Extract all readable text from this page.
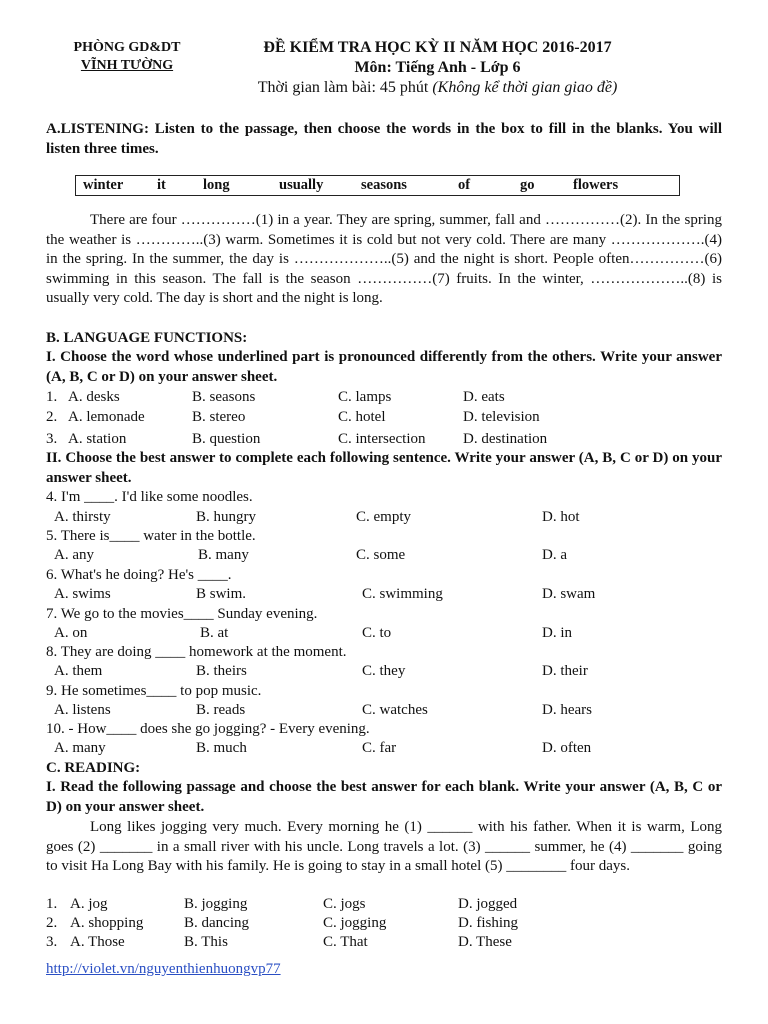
PHÒNG GD&DT
VĨNH TƯỜNG
ĐỀ KIỂM TRA HỌC KỲ II NĂM HỌC 2016-2017
Môn: Tiếng Anh - Lớp 6
Thời gian làm bài: 45 phút (Không kể thời gian giao đề)
A.LISTENING: Listen to the passage, then choose the words in the box to fill in the blanks. You will listen three times.
winter it	long	usually	seasons	of	go	flowers
There are four ……………(1) in a year. They are spring, summer, fall and ……………(2). In the spring the weather is …………..(3) warm. Sometimes it is cold but not very cold. There are many ……………….(4) in the spring. In the summer, the day is ………………..(5) and the night is short. People often……………(6) swimming in this season. The fall is the season ……………(7) fruits. In the winter, ………………..(8) is usually very cold. The day is short and the night is long.
B. LANGUAGE FUNCTIONS:
I. Choose the word whose underlined part is pronounced differently from the others. Write your answer (A, B, C or D) on your answer sheet.
1. A. desks	B. seasons	C. lamps	D. eats
2. A. lemonade	B. stereo	C. hotel	D. television
3. A. station	B. question	C. intersection	D. destination
II. Choose the best answer to complete each following sentence. Write your answer (A, B, C or D) on your answer sheet.
4. I'm ____. I'd like some noodles.
A. thirsty	B. hungry	C. empty	D. hot
5. There is____ water in the bottle.
A. any	B. many	C. some	D. a
6. What's he doing? He's ____.
A. swims	B swim.	C. swimming	D. swam
7. We go to the movies____ Sunday evening.
A. on	B. at	C. to	D. in
8. They are doing ____ homework at the moment.
A. them	B. theirs	C. they	D. their
9. He sometimes____ to pop music.
A. listens	B. reads	C. watches	D. hears
10. - How____ does she go jogging? - Every evening.
A. many	B. much	C. far	D. often
C. READING:
I. Read the following passage and choose the best answer for each blank. Write your answer (A, B, C or D) on your answer sheet.
Long likes jogging very much. Every morning he (1) ______ with his father. When it is warm, Long goes (2) _______ in a small river with his uncle. Long travels a lot. (3) ______ summer, he (4) _______ going to visit Ha Long Bay with his family. He is going to stay in a small hotel (5) ________ four days.
1. A. jog	B. jogging	C. jogs	D. jogged
2. A. shopping	B. dancing	C. jogging	D. fishing
3. A. Those	B. This	C. That	D. These
http://violet.vn/nguyenthienhuongvp77
